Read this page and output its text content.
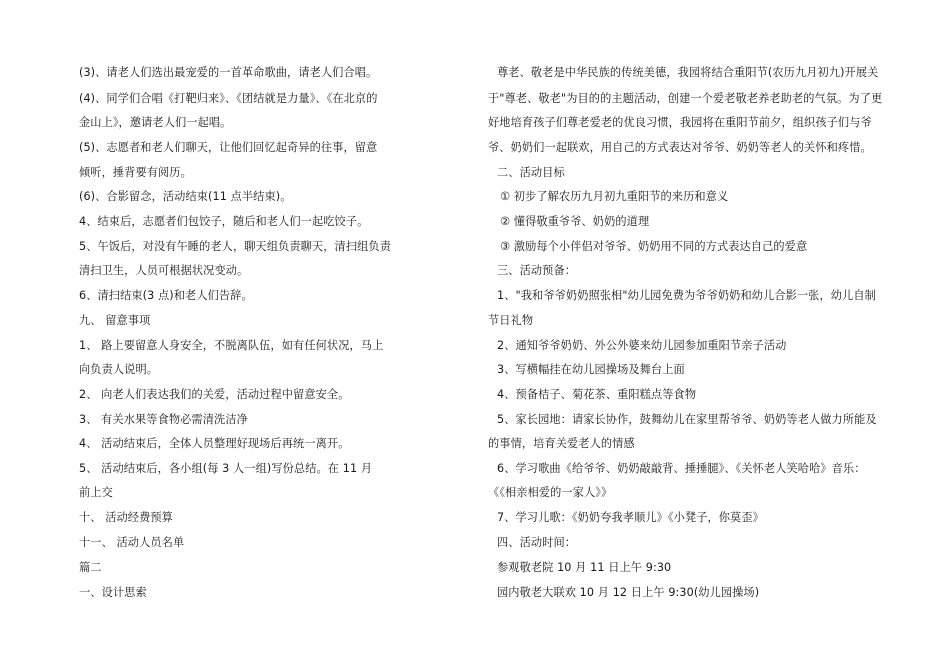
(3)、请老人们选出最宠爱的一首革命歌曲，请老人们合唱。
(4)、同学们合唱《打靶归来》、《团结就是力量》、《在北京的
金山上》，邀请老人们一起唱。
(5)、志愿者和老人们聊天，让他们回忆起奇异的往事，留意
倾听，捶背要有阅历。
(6)、合影留念，活动结束(11 点半结束)。
4、结束后，志愿者们包饺子，随后和老人们一起吃饺子。
5、午饭后，对没有午睡的老人，聊天组负责聊天，清扫组负责
清扫卫生，人员可根据状况变动。
6、清扫结束(3 点)和老人们告辞。
九、 留意事项
1、 路上要留意人身安全，不脱离队伍，如有任何状况，马上
向负责人说明。
2、 向老人们表达我们的关爱，活动过程中留意安全。
3、 有关水果等食物必需清洗洁净
4、 活动结束后，全体人员整理好现场后再统一离开。
5、 活动结束后，各小组(每 3 人一组)写份总结。在 11 月
前上交
十、 活动经费预算
十一、 活动人员名单
篇二
一、设计思索
尊老、敬老是中华民族的传统美德，我园将结合重阳节(农历九月初九)开展关
于"尊老、敬老"为目的的主题活动，创建一个爱老敬老养老助老的气氛。为了更
好地培育孩子们尊老爱老的优良习惯，我园将在重阳节前夕，组织孩子们与爷
爷、奶奶们一起联欢，用自己的方式表达对爷爷、奶奶等老人的关怀和疼惜。
二、活动目标
① 初步了解农历九月初九重阳节的来历和意义
② 懂得敬重爷爷、奶奶的道理
③ 激励每个小伴侣对爷爷、奶奶用不同的方式表达自己的爱意
三、活动预备：
1、"我和爷爷奶奶照张相"幼儿园免费为爷爷奶奶和幼儿合影一张，幼儿自制
节日礼物
2、通知爷爷奶奶、外公外婆来幼儿园参加重阳节亲子活动
3、写横幅挂在幼儿园操场及舞台上面
4、预备桔子、菊花茶、重阳糕点等食物
5、家长园地：请家长协作，鼓舞幼儿在家里帮爷爷、奶奶等老人做力所能及
的事情，培育关爱老人的情感
6、学习歌曲《给爷爷、奶奶敲敲背、捶捶腿》、《关怀老人笑哈哈》音乐：
《《相亲相爱的一家人》》
7、学习儿歌：《奶奶夸我孝顺儿》《小凳子，你莫歪》
四、活动时间：
参观敬老院 10 月 11 日上午 9:30
园内敬老大联欢 10 月 12 日上午 9:30(幼儿园操场)
